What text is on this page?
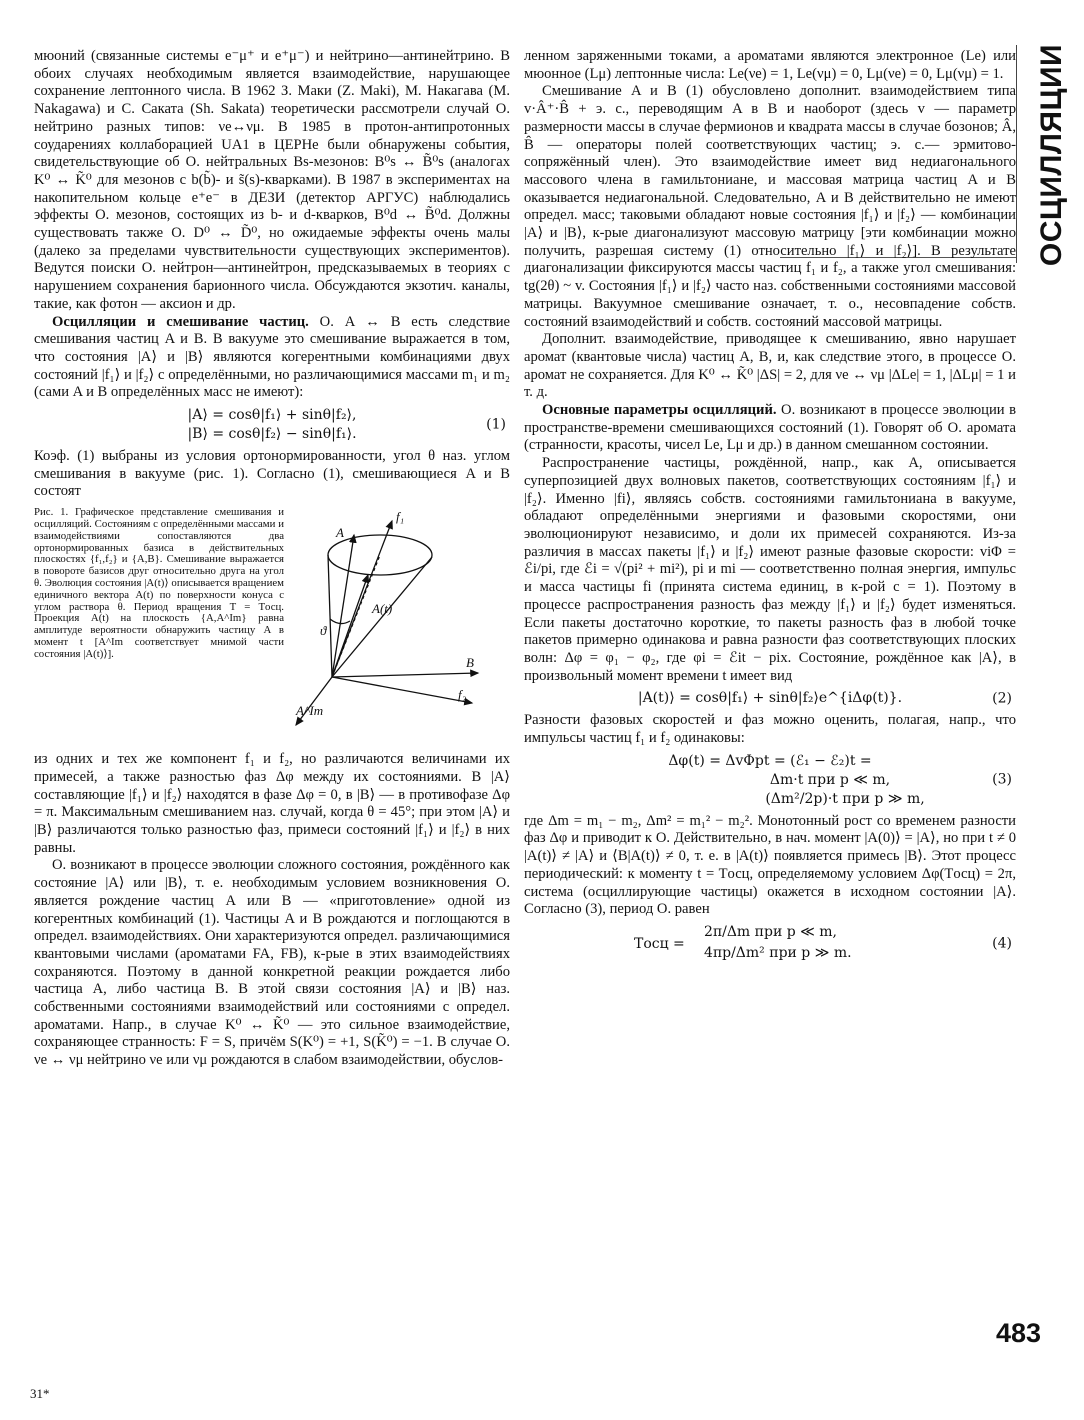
ОСЦИЛЛЯЦИИ

мюоний (связанные системы e⁻μ⁺ и e⁺μ⁻) и нейтрино—антинейтрино. В обоих случаях необходимым является взаимодействие, нарушающее сохранение лептонного числа. В 1962 З. Маки (Z. Maki), М. Накагава (M. Nakagawa) и С. Саката (Sh. Sakata) теоретически рассмотрели случай О. нейтрино разных типов: νe↔νμ. В 1985 в протон-антипротонных соударениях коллаборацией UA1 в ЦЕРНе были обнаружены события, свидетельствующие об О. нейтральных Bs-мезонов: B⁰s ↔ B̃⁰s (аналогах K⁰ ↔ K̃⁰ для мезонов с b(b̃)- и s̃(s)-кварками). В 1987 в экспериментах на накопительном кольце e⁺e⁻ в ДЕЗИ (детектор АРГУС) наблюдались эффекты О. мезонов, состоящих из b- и d-кварков, B⁰d ↔ B̃⁰d. Должны существовать также О. D⁰ ↔ D̃⁰, но ожидаемые эффекты очень малы (далеко за пределами чувствительности существующих экспериментов). Ведутся поиски О. нейтрон—антинейтрон, предсказываемых в теориях с нарушением сохранения барионного числа. Обсуждаются экзотич. каналы, такие, как фотон — аксион и др.

Осцилляции и смешивание частиц. О. A ↔ B есть следствие смешивания частиц A и B. В вакууме это смешивание выражается в том, что состояния |A⟩ и |B⟩ являются когерентными комбинациями двух состояний |f₁⟩ и |f₂⟩ с определёнными, но различающимися массами m₁ и m₂ (сами A и B определённых масс не имеют):

|A⟩ = cosθ|f₁⟩ + sinθ|f₂⟩,
|B⟩ = cosθ|f₂⟩ − sinθ|f₁⟩.
(1)

Коэф. (1) выбраны из условия ортонормированности, угол θ наз. углом смешивания в вакууме (рис. 1). Согласно (1), смешивающиеся A и B состоят

Рис. 1. Графическое представление смешивания и осцилляций. Состояниям с определёнными массами и взаимодействиями сопоставляются два ортонормированных базиса в действительных плоскостях {f₁,f₂} и {A,B}. Смешивание выражается в повороте базисов друг относительно друга на угол θ. Эволюция состояния |A(t)⟩ описывается вращением единичного вектора A(t) по поверхности конуса с углом раствора θ. Период вращения T = Tосц. Проекция A(t) на плоскость {A,A^Im} равна амплитуде вероятности обнаружить частицу A в момент t [A^Im соответствует мнимой части состояния |A(t)⟩].
f₁
A
ϑ
A(t)
B
f₂
A^Im

из одних и тех же компонент f₁ и f₂, но различаются величинами их примесей, а также разностью фаз Δφ между их состояниями. В |A⟩ составляющие |f₁⟩ и |f₂⟩ находятся в фазе Δφ = 0, в |B⟩ — в противофазе Δφ = π. Максимальным смешиванием наз. случай, когда θ = 45°; при этом |A⟩ и |B⟩ различаются только разностью фаз, примеси состояний |f₁⟩ и |f₂⟩ в них равны.

О. возникают в процессе эволюции сложного состояния, рождённого как состояние |A⟩ или |B⟩, т. е. необходимым условием возникновения О. является рождение частиц A или B — «приготовление» одной из когерентных комбинаций (1). Частицы A и B рождаются и поглощаются в определ. взаимодействиях. Они характеризуются определ. различающимися квантовыми числами (ароматами FA, FB), к-рые в этих взаимодействиях сохраняются. Поэтому в данной конкретной реакции рождается либо частица A, либо частица B. В этой связи состояния |A⟩ и |B⟩ наз. собственными состояниями взаимодействий или состояниями с определ. ароматами. Напр., в случае K⁰ ↔ K̃⁰ — это сильное взаимодействие, сохраняющее странность: F = S, причём S(K⁰) = +1, S(K̃⁰) = −1. В случае О. νe ↔ νμ нейтрино νe или νμ рождаются в слабом взаимодействии, обуслов-

ленном заряженными токами, а ароматами являются электронное (Le) или мюонное (Lμ) лептонные числа: Le(νe) = 1, Le(νμ) = 0, Lμ(νe) = 0, Lμ(νμ) = 1.

Смешивание A и B (1) обусловлено дополнит. взаимодействием типа v·Â⁺·B̂ + э. с., переводящим A в B и наоборот (здесь v — параметр размерности массы в случае фермионов и квадрата массы в случае бозонов; Â, B̂ — операторы полей соответствующих частиц; э. с.— эрмитово-сопряжённый член). Это взаимодействие имеет вид недиагонального массового члена в гамильтониане, и массовая матрица частиц A и B оказывается недиагональной. Следовательно, A и B действительно не имеют определ. масс; таковыми обладают новые состояния |f₁⟩ и |f₂⟩ — комбинации |A⟩ и |B⟩, к-рые диагонализуют массовую матрицу [эти комбинации можно получить, разрешая систему (1) относительно |f₁⟩ и |f₂⟩]. В результате диагонализации фиксируются массы частиц f₁ и f₂, а также угол смешивания: tg(2θ) ~ v. Состояния |f₁⟩ и |f₂⟩ часто наз. собственными состояниями массовой матрицы. Вакуумное смешивание означает, т. о., несовпадение собств. состояний взаимодействий и собств. состояний массовой матрицы.

Дополнит. взаимодействие, приводящее к смешиванию, явно нарушает аромат (квантовые числа) частиц A, B, и, как следствие этого, в процессе О. аромат не сохраняется. Для K⁰ ↔ K̃⁰ |ΔS| = 2, для νe ↔ νμ |ΔLe| = 1, |ΔLμ| = 1 и т. д.

Основные параметры осцилляций. О. возникают в процессе эволюции в пространстве-времени смешивающихся состояний (1). Говорят об О. аромата (странности, красоты, чисел Le, Lμ и др.) в данном смешанном состоянии.

Распространение частицы, рождённой, напр., как A, описывается суперпозицией двух волновых пакетов, соответствующих состояниям |f₁⟩ и |f₂⟩. Именно |fi⟩, являясь собств. состояниями гамильтониана в вакууме, обладают определёнными энергиями и фазовыми скоростями, они эволюционируют независимо, и доли их примесей сохраняются. Из-за различия в массах пакеты |f₁⟩ и |f₂⟩ имеют разные фазовые скорости: viΦ = ℰi/pi, где ℰi = √(pi² + mi²), pi и mi — соответственно полная энергия, импульс и масса частицы fi (принята система единиц, в к-рой c = 1). Поэтому в процессе распространения разность фаз между |f₁⟩ и |f₂⟩ будет изменяться. Если пакеты достаточно короткие, то пакеты разность фаз в любой точке пакетов примерно одинакова и равна разности фаз соответствующих плоских волн: Δφ = φ₁ − φ₂, где φi = ℰit − pix. Состояние, рождённое как |A⟩, в произвольный момент времени t имеет вид

|A(t)⟩ = cosθ|f₁⟩ + sinθ|f₂⟩e^{iΔφ(t)}.	(2)

Разности фазовых скоростей и фаз можно оценить, полагая, напр., что импульсы частиц f₁ и f₂ одинаковы:

Δφ(t) = ΔvΦpt = (ℰ₁ − ℰ₂)t =
Δm·t при p ≪ m,
(Δm²/2p)·t при p ≫ m,
(3)

где Δm = m₁ − m₂, Δm² = m₁² − m₂². Монотонный рост со временем разности фаз Δφ и приводит к О. Действительно, в нач. момент |A(0)⟩ = |A⟩, но при t ≠ 0 |A(t)⟩ ≠ |A⟩ и ⟨B|A(t)⟩ ≠ 0, т. е. в |A(t)⟩ появляется примесь |B⟩. Этот процесс периодический: к моменту t = Tосц, определяемому условием Δφ(Tосц) = 2π, система (осциллирующие частицы) окажется в исходном состоянии |A⟩. Согласно (3), период О. равен

Tосц =
2π/Δm при p ≪ m,
4πp/Δm² при p ≫ m.
(4)
483
31*
